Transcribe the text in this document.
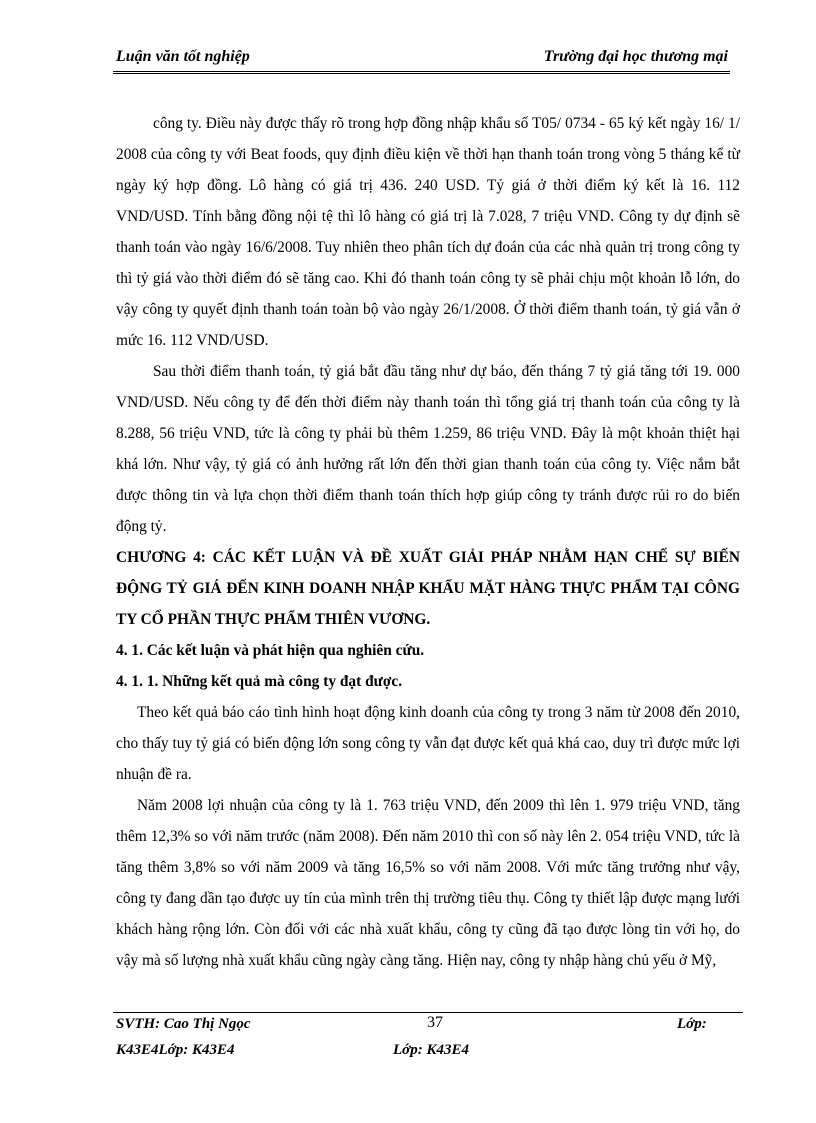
Luận văn tốt nghiệp	Trường đại học thương mại

công ty. Điều này được thấy rõ trong hợp đồng nhập khẩu số T05/ 0734 - 65 ký kết ngày 16/ 1/ 2008 của công ty với Beat foods, quy định điều kiện về thời hạn thanh toán trong vòng 5 tháng kể từ ngày ký hợp đồng. Lô hàng có giá trị 436. 240 USD. Tỷ giá ở thời điểm ký kết là 16. 112 VND/USD. Tính bằng đồng nội tệ thì lô hàng có giá trị là 7.028, 7 triệu VND. Công ty dự định sẽ thanh toán vào ngày 16/6/2008. Tuy nhiên theo phân tích dự đoán của các nhà quản trị trong công ty thì tỷ giá vào thời điểm đó sẽ tăng cao. Khi đó thanh toán công ty sẽ phải chịu một khoản lỗ lớn, do vậy công ty quyết định thanh toán toàn bộ vào ngày 26/1/2008. Ở thời điểm thanh toán, tỷ giá vẫn ở mức 16. 112 VND/USD.

Sau thời điểm thanh toán, tỷ giá bắt đầu tăng như dự báo, đến tháng 7 tỷ giá tăng tới 19. 000 VND/USD. Nếu công ty để đến thời điểm này thanh toán thì tổng giá trị thanh toán của công ty là 8.288, 56 triệu VND, tức là công ty phải bù thêm 1.259, 86 triệu VND. Đây là một khoản thiệt hại khá lớn. Như vậy, tỷ giá có ảnh hưởng rất lớn đến thời gian thanh toán của công ty. Việc nắm bắt được thông tin và lựa chọn thời điểm thanh toán thích hợp giúp công ty tránh được rủi ro do biến động tỷ.

CHƯƠNG 4: CÁC KẾT LUẬN VÀ ĐỀ XUẤT GIẢI PHÁP NHẰM HẠN CHẾ SỰ BIẾN ĐỘNG TỶ GIÁ ĐẾN KINH DOANH NHẬP KHẨU MẶT HÀNG THỰC PHẨM TẠI CÔNG TY CỔ PHẦN THỰC PHẨM THIÊN VƯƠNG.
4. 1. Các kết luận và phát hiện qua nghiên cứu.
4. 1. 1. Những kết quả mà công ty đạt được.

Theo kết quả báo cáo tình hình hoạt động kinh doanh của công ty trong 3 năm từ 2008 đến 2010, cho thấy tuy tỷ giá có biến động lớn song công ty vẫn đạt được kết quả khá cao, duy trì được mức lợi nhuận đề ra.

Năm 2008 lợi nhuận của công ty là 1. 763 triệu VND, đến 2009 thì lên 1. 979 triệu VND, tăng thêm 12,3% so với năm trước (năm 2008). Đến năm 2010 thì con số này lên 2. 054 triệu VND, tức là tăng thêm 3,8% so với năm 2009 và tăng 16,5% so với năm 2008. Với mức tăng trưởng như vậy, công ty đang dần tạo được uy tín của mình trên thị trường tiêu thụ. Công ty thiết lập được mạng lưới khách hàng rộng lớn. Còn đối với các nhà xuất khẩu, công ty cũng đã tạo được lòng tin với họ, do vậy mà số lượng nhà xuất khẩu cũng ngày càng tăng. Hiện nay, công ty nhập hàng chủ yếu ở Mỹ,

SVTH: Cao Thị Ngọc	37	Lớp:
K43E4Lớp: K43E4	Lớp: K43E4
